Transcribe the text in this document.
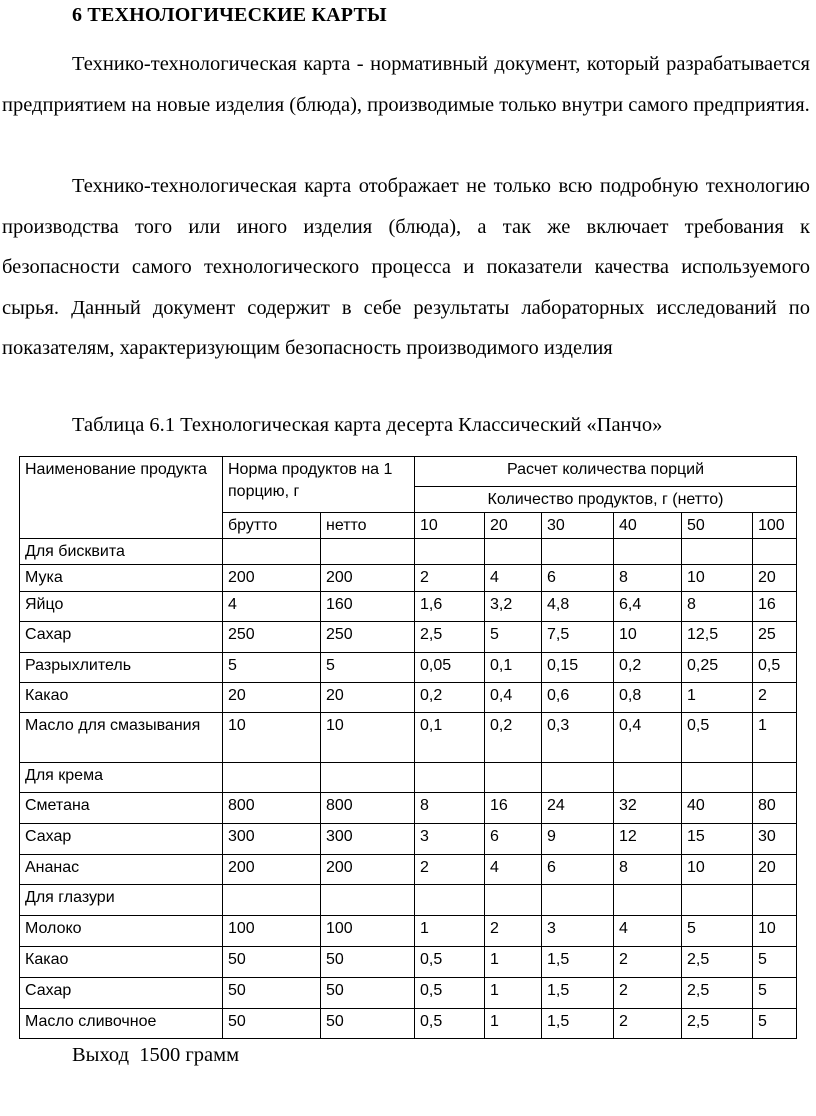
6 ТЕХНОЛОГИЧЕСКИЕ КАРТЫ

Технико-технологическая карта - нормативный документ, который разрабатывается предприятием на новые изделия (блюда), производимые только внутри самого предприятия.

Технико-технологическая карта отображает не только всю подробную технологию производства того или иного изделия (блюда), а так же включает требования к безопасности самого технологического процесса и показатели качества используемого сырья. Данный документ содержит в себе результаты лабораторных исследований по показателям, характеризующим безопасность производимого изделия

Таблица 6.1 Технологическая карта десерта Классический «Панчо»
Наименование продукта	Норма продуктов на 1 порцию, г		Расчет количества порций					
			Количество продуктов, г (нетто)					
	брутто	нетто	10	20	30	40	50	100
Для бисквита								
Мука	200	200	2	4	6	8	10	20
Яйцо	4	160	1,6	3,2	4,8	6,4	8	16
Сахар	250	250	2,5	5	7,5	10	12,5	25
Разрыхлитель	5	5	0,05	0,1	0,15	0,2	0,25	0,5
Какао	20	20	0,2	0,4	0,6	0,8	1	2
Масло для смазывания	10	10	0,1	0,2	0,3	0,4	0,5	1
Для крема								
Сметана	800	800	8	16	24	32	40	80
Сахар	300	300	3	6	9	12	15	30
Ананас	200	200	2	4	6	8	10	20
Для глазури								
Молоко	100	100	1	2	3	4	5	10
Какао	50	50	0,5	1	1,5	2	2,5	5
Сахар	50	50	0,5	1	1,5	2	2,5	5
Масло сливочное	50	50	0,5	1	1,5	2	2,5	5
Выход  1500 грамм
